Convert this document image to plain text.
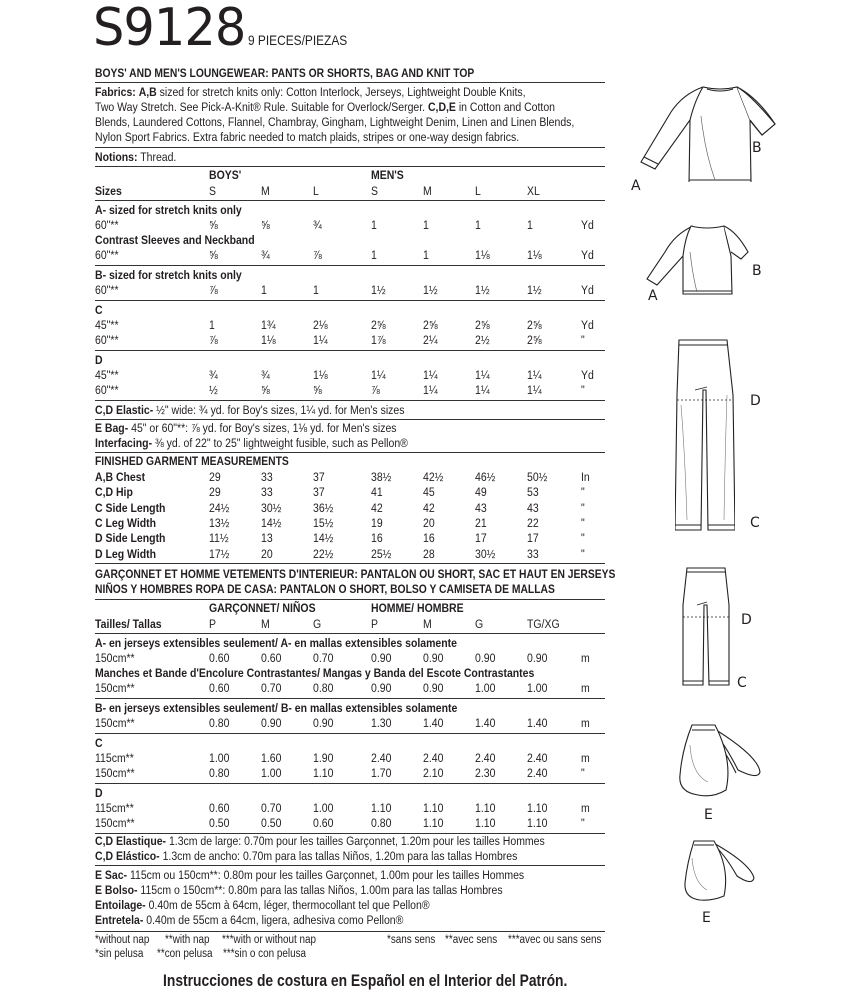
S9128 9 PIECES/PIEZAS
BOYS' AND MEN'S LOUNGEWEAR: PANTS OR SHORTS, BAG AND KNIT TOP
Fabrics: A,B sized for stretch knits only: Cotton Interlock, Jerseys, Lightweight Double Knits,
Two Way Stretch. See Pick-A-Knit® Rule. Suitable for Overlock/Serger. C,D,E in Cotton and Cotton
Blends, Laundered Cottons, Flannel, Chambray, Gingham, Lightweight Denim, Linen and Linen Blends,
Nylon Sport Fabrics. Extra fabric needed to match plaids, stripes or one-way design fabrics.
Notions: Thread.
BOYS'	MEN'S
Sizes	S	M	L	S	M	L	XL
A- sized for stretch knits only
60"**	⅝	⅝	¾	1	1	1	1	Yd
Contrast Sleeves and Neckband
60"**	⅝	¾	⅞	1	1	1⅛	1⅛	Yd
B- sized for stretch knits only
60"**	⅞	1	1	1½	1½	1½	1½	Yd
C
45"**	1	1¾	2⅛	2⅝	2⅝	2⅝	2⅝	Yd
60"**	⅞	1⅛	1¼	1⅞	2¼	2½	2⅝	"
D
45"**	¾	¾	1⅛	1¼	1¼	1¼	1¼	Yd
60"**	½	⅝	⅝	⅞	1¼	1¼	1¼	"
C,D Elastic- ½" wide: ¾ yd. for Boy's sizes, 1¼ yd. for Men's sizes
E Bag- 45" or 60"**: ⅞ yd. for Boy's sizes, 1⅛ yd. for Men's sizes
Interfacing- ⅜ yd. of 22" to 25" lightweight fusible, such as Pellon®
FINISHED GARMENT MEASUREMENTS
A,B Chest	29	33	37	38½	42½	46½	50½	In
C,D Hip	29	33	37	41	45	49	53	"
C Side Length	24½	30½	36½	42	42	43	43	"
C Leg Width	13½	14½	15½	19	20	21	22	"
D Side Length	11½	13	14½	16	16	17	17	"
D Leg Width	17½	20	22½	25½	28	30½	33	"
GARÇONNET ET HOMME VETEMENTS D'INTERIEUR: PANTALON OU SHORT, SAC ET HAUT EN JERSEYS
NIÑOS Y HOMBRES ROPA DE CASA: PANTALON O SHORT, BOLSO Y CAMISETA DE MALLAS
GARÇONNET/ NIÑOS	HOMME/ HOMBRE
Tailles/ Tallas	P	M	G	P	M	G	TG/XG
A- en jerseys extensibles seulement/ A- en mallas extensibles solamente
150cm**	0.60	0.60	0.70	0.90	0.90	0.90	0.90	m
Manches et Bande d'Encolure Contrastantes/ Mangas y Banda del Escote Contrastantes
150cm**	0.60	0.70	0.80	0.90	0.90	1.00	1.00	m
B- en jerseys extensibles seulement/ B- en mallas extensibles solamente
150cm**	0.80	0.90	0.90	1.30	1.40	1.40	1.40	m
C
115cm**	1.00	1.60	1.90	2.40	2.40	2.40	2.40	m
150cm**	0.80	1.00	1.10	1.70	2.10	2.30	2.40	"
D
115cm**	0.60	0.70	1.00	1.10	1.10	1.10	1.10	m
150cm**	0.50	0.50	0.60	0.80	1.10	1.10	1.10	"
C,D Elastique- 1.3cm de large: 0.70m pour les tailles Garçonnet, 1.20m pour les tailles Hommes
C,D Elástico- 1.3cm de ancho: 0.70m para las tallas Niños, 1.20m para las tallas Hombres
E Sac- 115cm ou 150cm**: 0.80m pour les tailles Garçonnet, 1.00m pour les tailles Hommes
E Bolso- 115cm o 150cm**: 0.80m para las tallas Niños, 1.00m para las tallas Hombres
Entoilage- 0.40m de 55cm à 64cm, léger, thermocollant tel que Pellon®
Entretela- 0.40m de 55cm a 64cm, ligera, adhesiva como Pellon®
*without nap **with nap ***with or without nap
*sin pelusa **con pelusa ***sin o con pelusa
*sans sens **avec sens ***avec ou sans sens
Instrucciones de costura en Español en el Interior del Patrón.
A
B
A
B
D
C
D
C
E
E
